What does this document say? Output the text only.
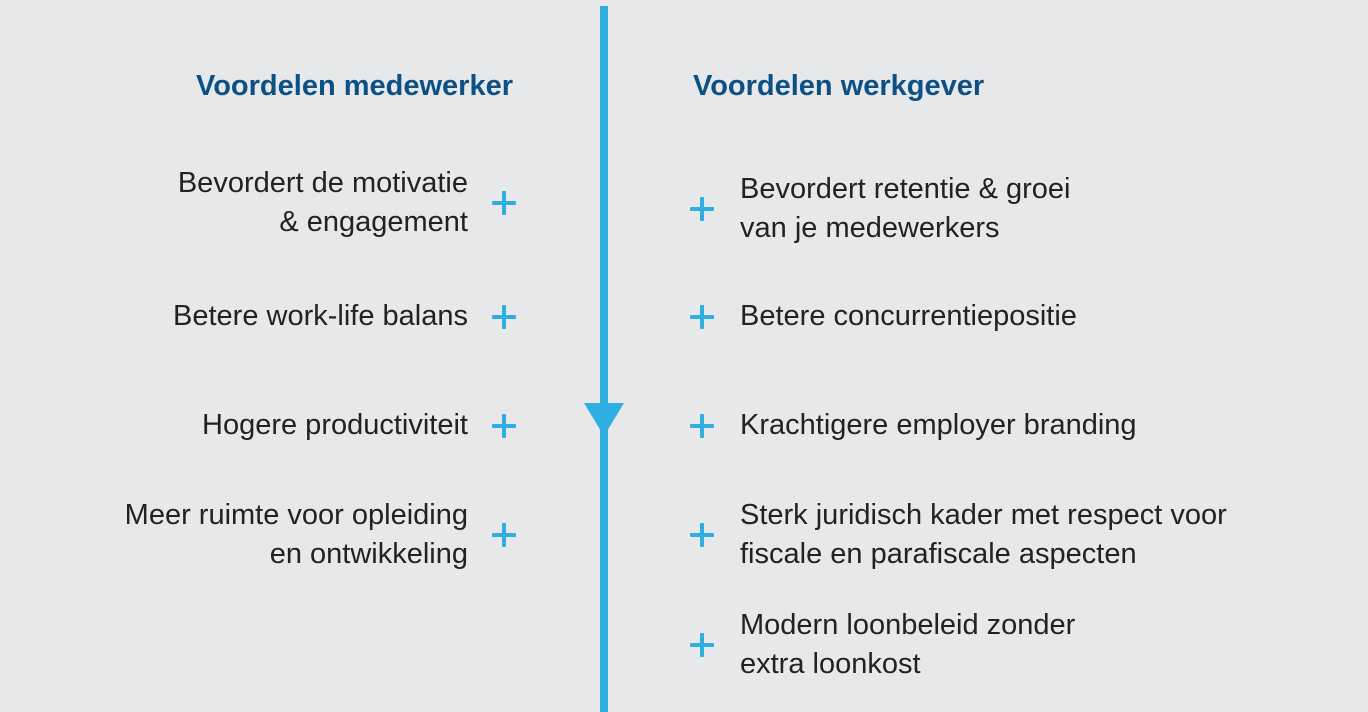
Voordelen medewerker	Voordelen werkgever
Bevordert de motivatie
& engagement
Betere work-life balans
Hogere productiviteit
Meer ruimte voor opleiding
en ontwikkeling
Bevordert retentie & groei
van je medewerkers
Betere concurrentiepositie
Krachtigere employer branding
Sterk juridisch kader met respect voor
fiscale en parafiscale aspecten
Modern loonbeleid zonder
extra loonkost
